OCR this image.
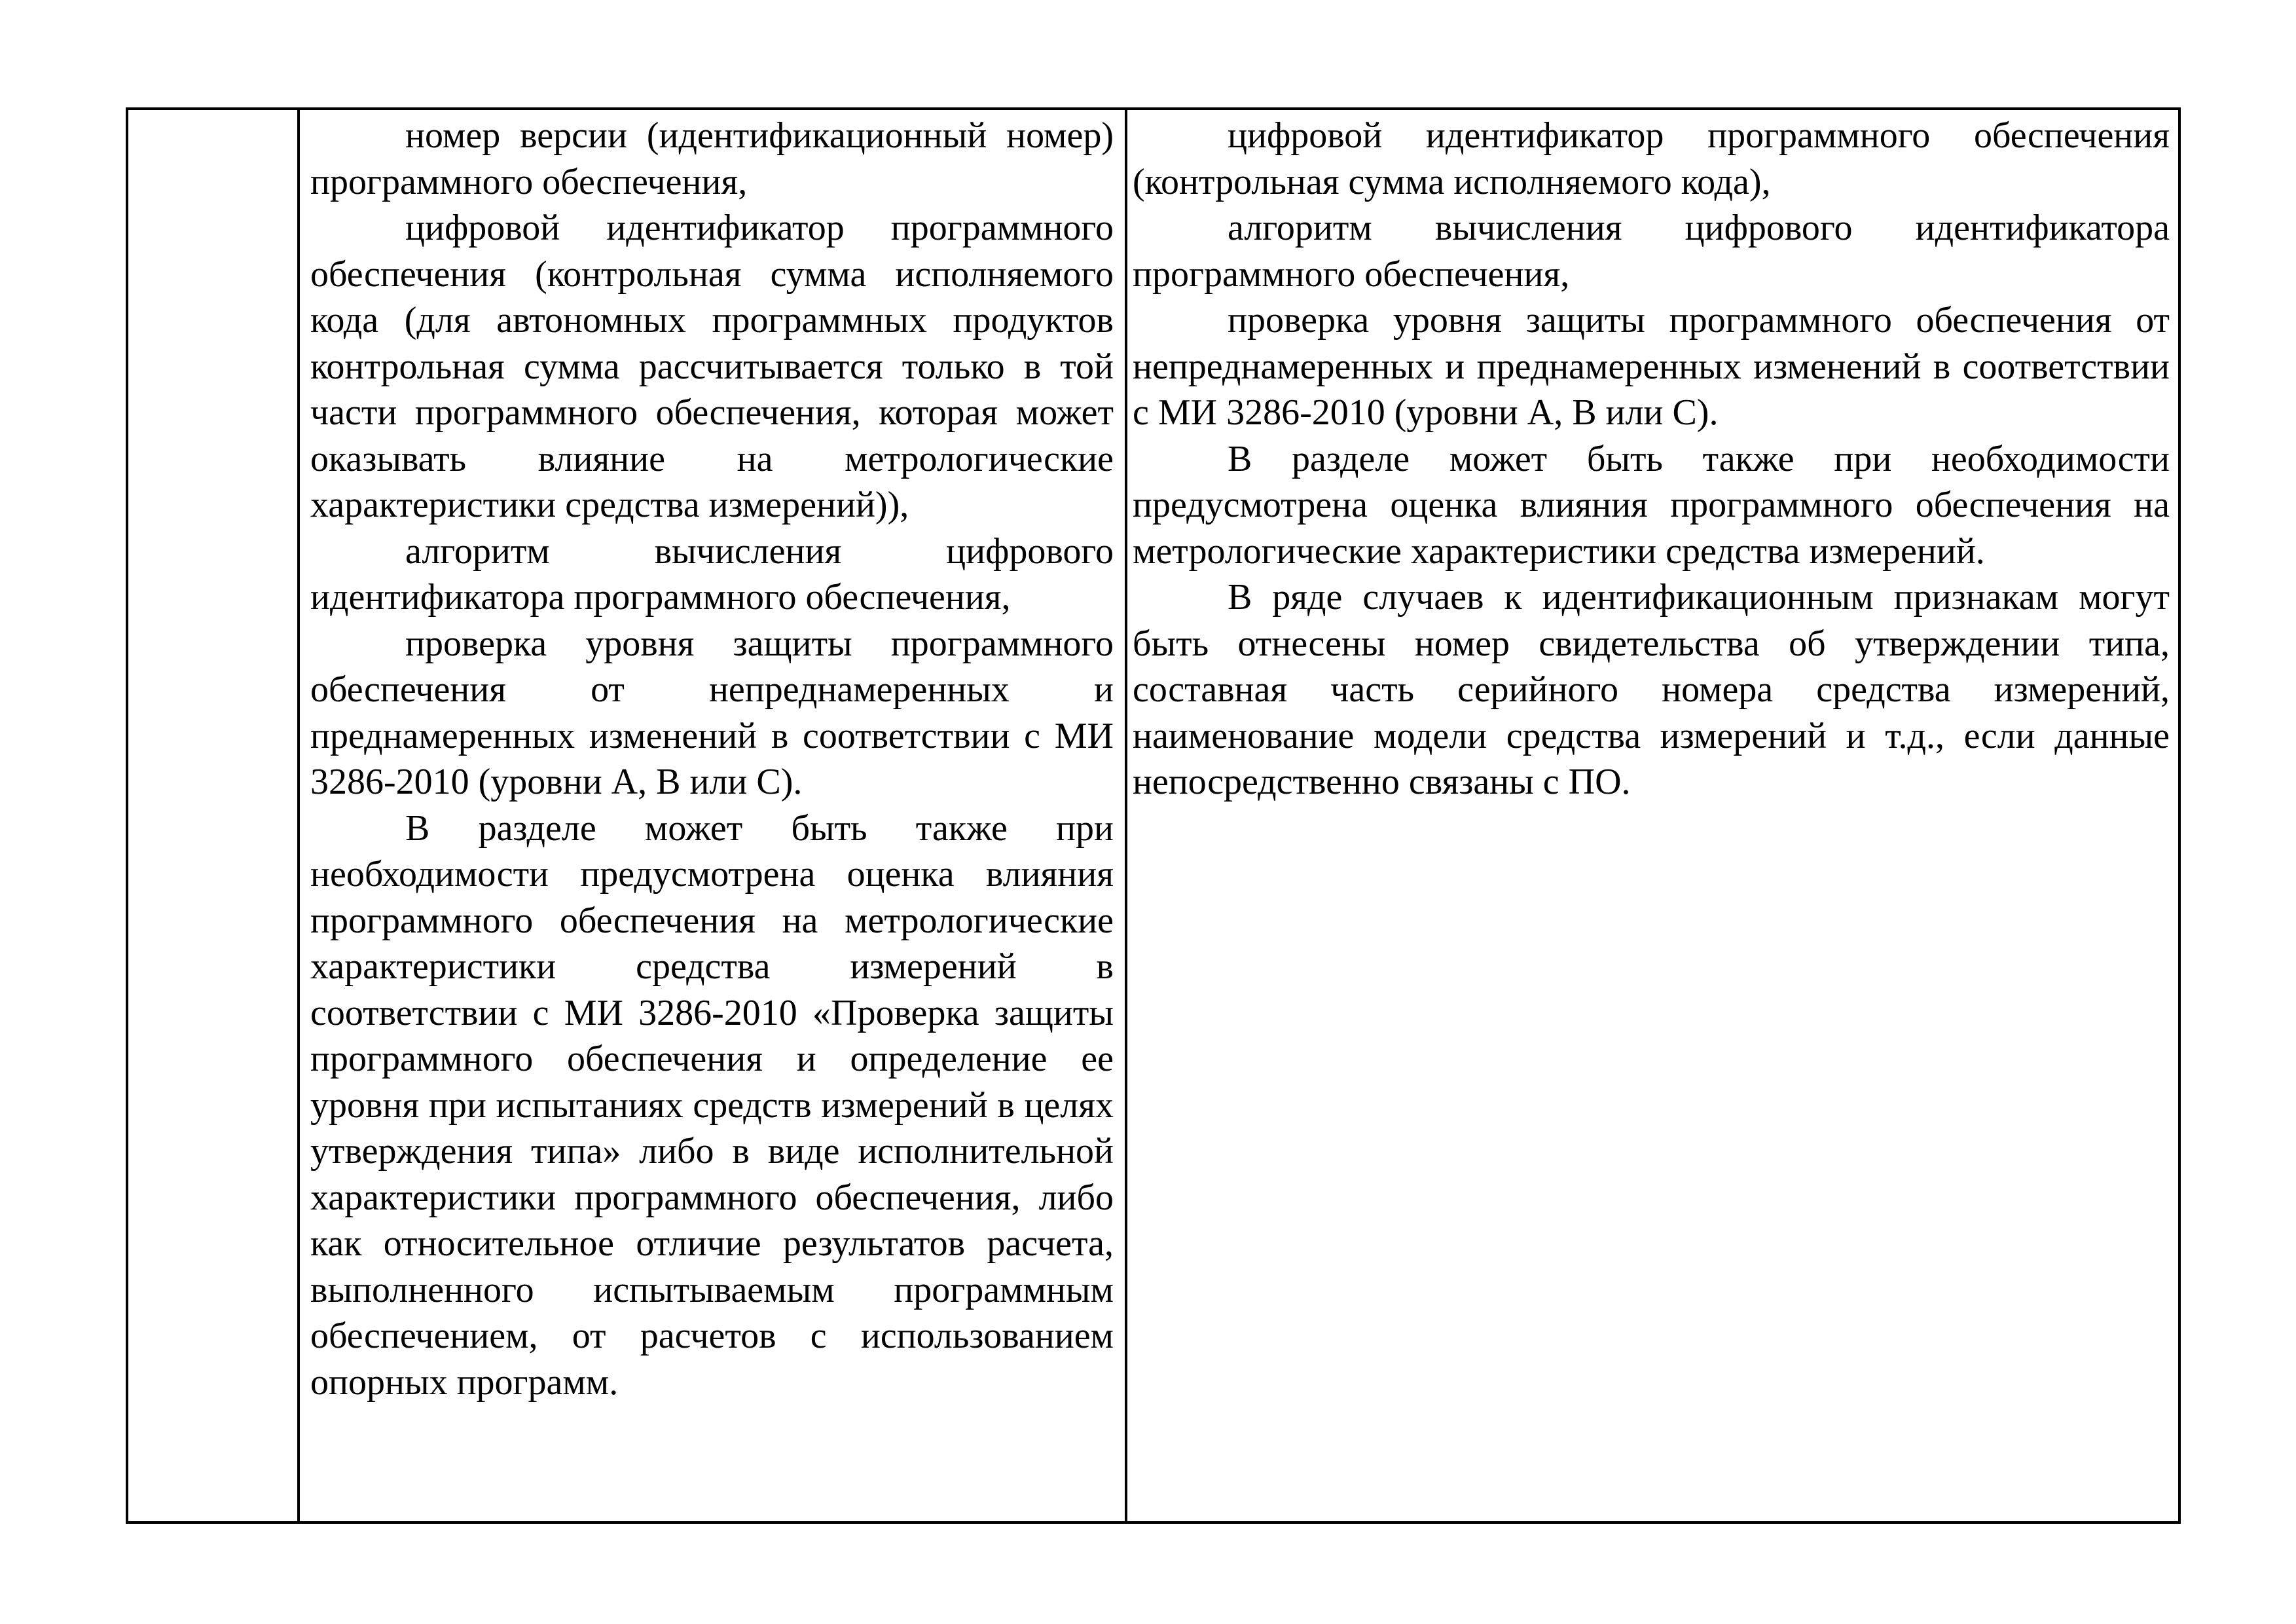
номер версии (идентификационный номер) программного обеспечения,

цифровой идентификатор программного обеспечения (контрольная сумма исполняемого кода (для автономных программных продуктов контрольная сумма рассчитывается только в той части программного обеспечения, которая может оказывать влияние на метрологические характеристики средства измерений)),

алгоритм вычисления цифрового идентификатора программного обеспечения,

проверка уровня защиты программного обеспечения от непреднамеренных и преднамеренных изменений в соответствии с МИ 3286-2010 (уровни А, В или С).

В разделе может быть также при необходимости предусмотрена оценка влияния программного обеспечения на метрологические характеристики средства измерений в соответствии с МИ 3286-2010 «Проверка защиты программного обеспечения и определение ее уровня при испытаниях средств измерений в целях утверждения типа» либо в виде исполнительной характеристики программного обеспечения, либо как относительное отличие результатов расчета, выполненного испытываемым программным обеспечением, от расчетов с использованием опорных программ.

цифровой идентификатор программного обеспечения (контрольная сумма исполняемого кода),

алгоритм вычисления цифрового идентификатора программного обеспечения,

проверка уровня защиты программного обеспечения от непреднамеренных и преднамеренных изменений в соответствии с МИ 3286-2010 (уровни А, В или С).

В разделе может быть также при необходимости предусмотрена оценка влияния программного обеспечения на метрологические характеристики средства измерений.

В ряде случаев к идентификационным признакам могут быть отнесены номер свидетельства об утверждении типа, составная часть серийного номера средства измерений, наименование модели средства измерений и т.д., если данные непосредственно связаны с ПО.
